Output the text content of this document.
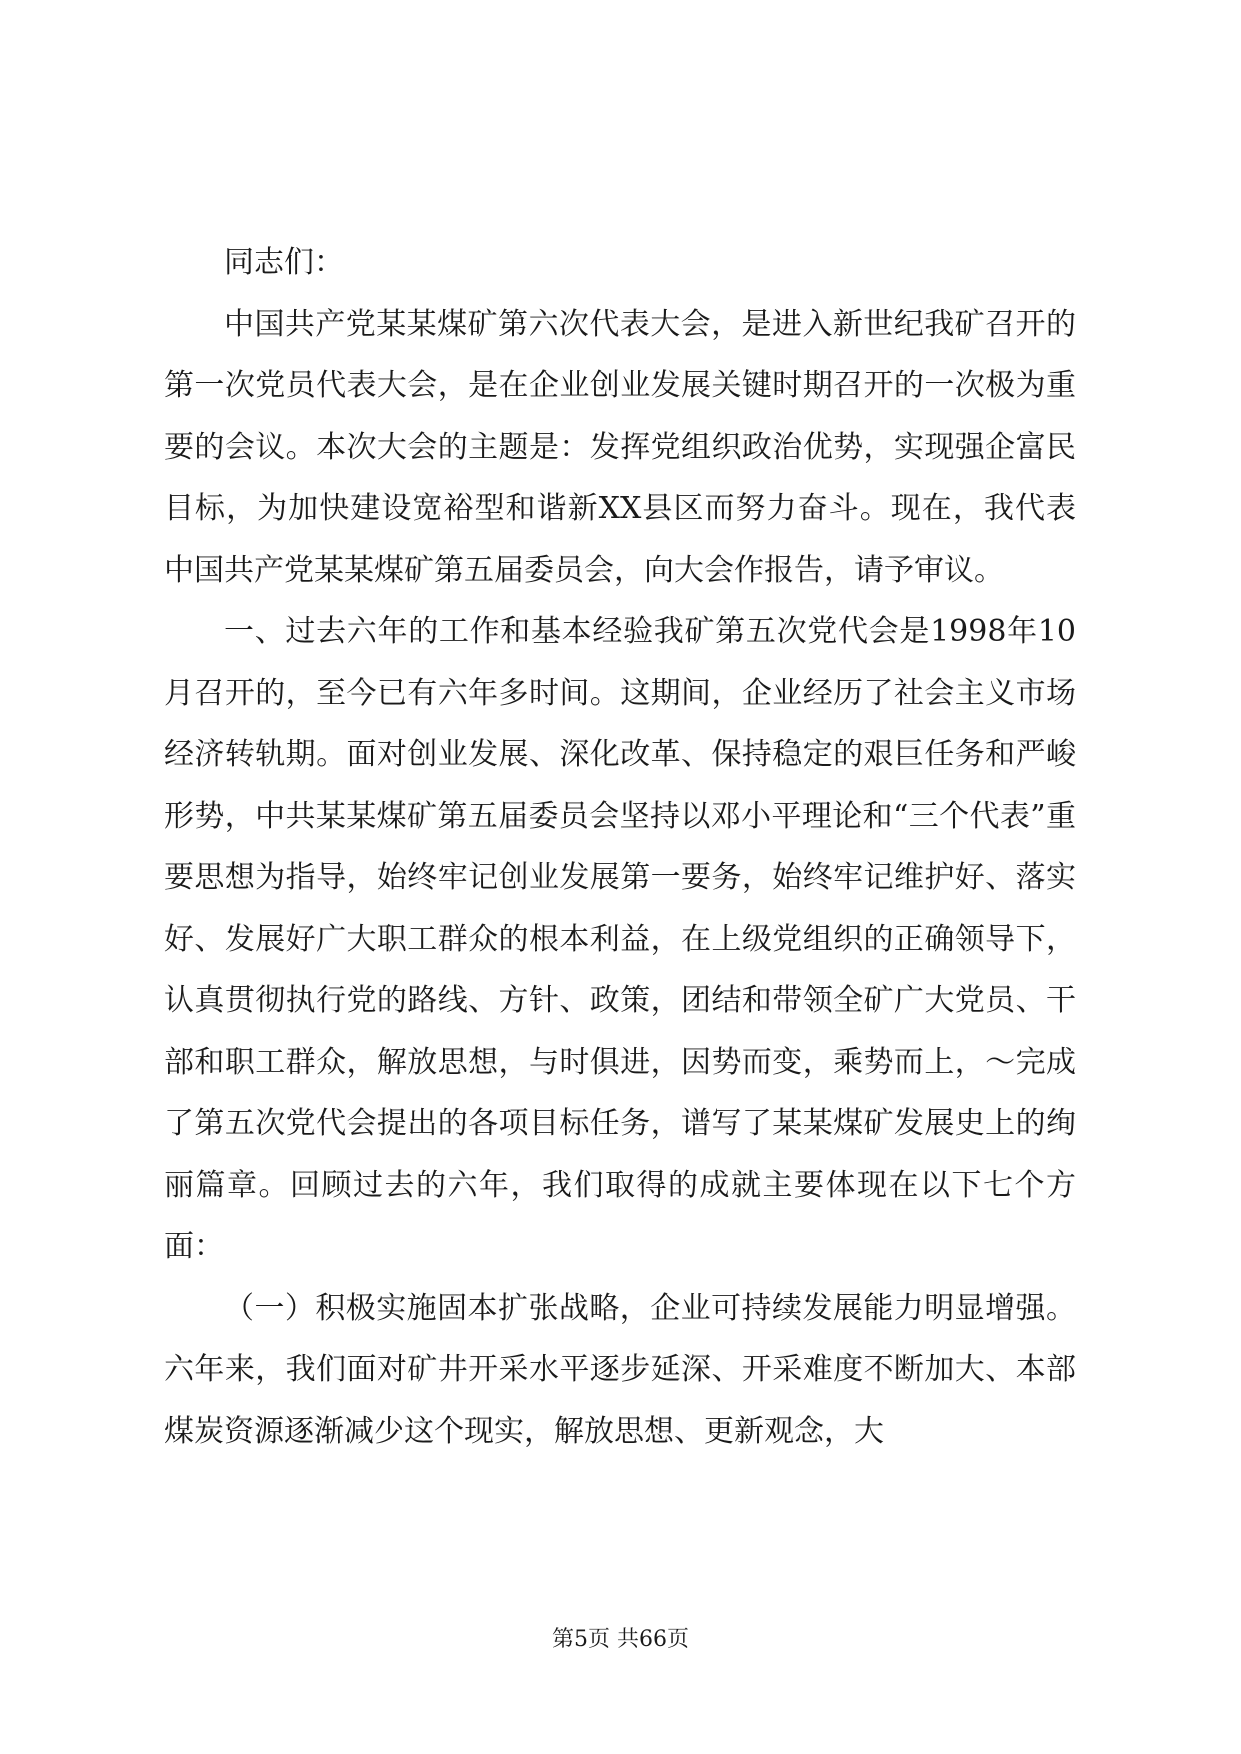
同志们：

中国共产党某某煤矿第六次代表大会，是进入新世纪我矿召开的第一次党员代表大会，是在企业创业发展关键时期召开的一次极为重要的会议。本次大会的主题是：发挥党组织政治优势，实现强企富民目标，为加快建设宽裕型和谐新XX县区而努力奋斗。现在，我代表中国共产党某某煤矿第五届委员会，向大会作报告，请予审议。

一、过去六年的工作和基本经验我矿第五次党代会是1998年10月召开的，至今已有六年多时间。这期间，企业经历了社会主义市场经济转轨期。面对创业发展、深化改革、保持稳定的艰巨任务和严峻形势，中共某某煤矿第五届委员会坚持以邓小平理论和“三个代表”重要思想为指导，始终牢记创业发展第一要务，始终牢记维护好、落实好、发展好广大职工群众的根本利益，在上级党组织的正确领导下，认真贯彻执行党的路线、方针、政策，团结和带领全矿广大党员、干部和职工群众，解放思想，与时俱进，因势而变，乘势而上，～完成了第五次党代会提出的各项目标任务，谱写了某某煤矿发展史上的绚丽篇章。回顾过去的六年，我们取得的成就主要体现在以下七个方面：

（一）积极实施固本扩张战略，企业可持续发展能力明显增强。六年来，我们面对矿井开采水平逐步延深、开采难度不断加大、本部煤炭资源逐渐减少这个现实，解放思想、更新观念，大

第5页 共66页
